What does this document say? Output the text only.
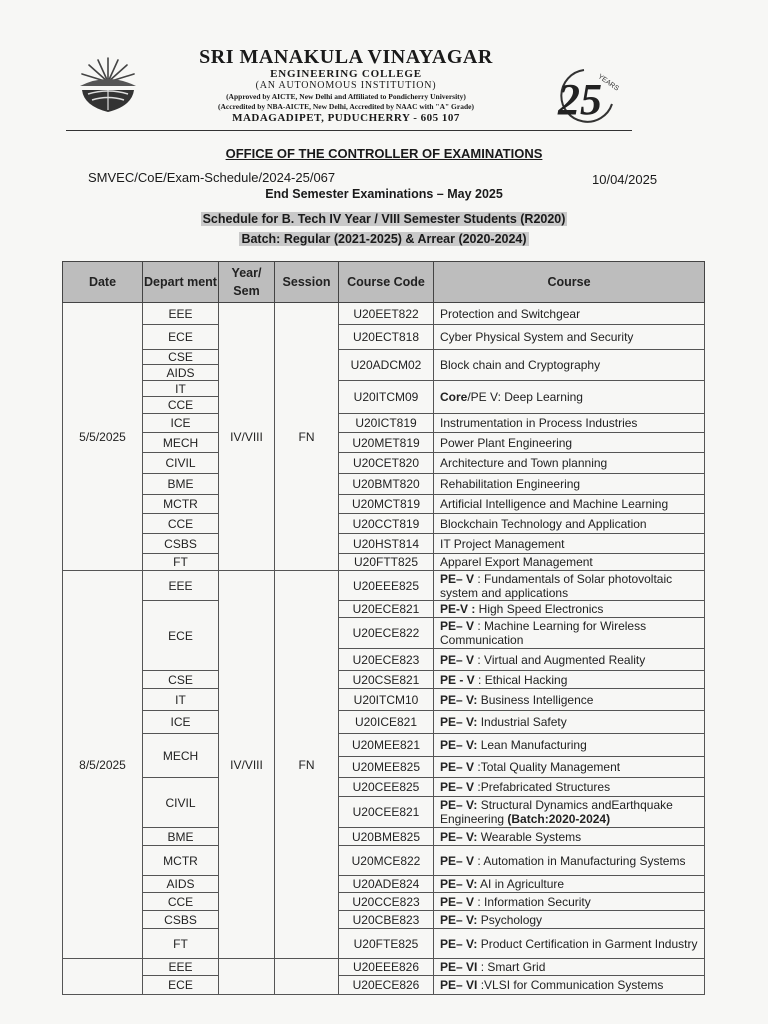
SRI MANAKULA VINAYAGAR
ENGINEERING COLLEGE
(AN AUTONOMOUS INSTITUTION)
(Approved by AICTE, New Delhi and Affiliated to Pondicherry University)
(Accredited by NBA-AICTE, New Delhi, Accredited by NAAC with "A" Grade)
MADAGADIPET, PUDUCHERRY - 605 107	25
YEARS
OFFICE OF THE CONTROLLER OF EXAMINATIONS
SMVEC/CoE/Exam-Schedule/2024-25/067	10/04/2025
End Semester Examinations – May 2025
Schedule for B. Tech IV Year / VIII Semester Students (R2020)
Batch: Regular (2021-2025) & Arrear (2020-2024)
Date	Depart ment	Year/ Sem	Session	Course Code	Course
5/5/2025	EEE	IV/VIII	FN	U20EET822	Protection and Switchgear
	ECE			U20ECT818	Cyber Physical System and Security
	CSE			U20ADCM02	Block chain and Cryptography
	AIDS				
	IT			U20ITCM09	Core/PE V: Deep Learning
	CCE				
	ICE			U20ICT819	Instrumentation in Process Industries
	MECH			U20MET819	Power Plant Engineering
	CIVIL			U20CET820	Architecture and Town planning
	BME			U20BMT820	Rehabilitation Engineering
	MCTR			U20MCT819	Artificial Intelligence and Machine Learning
	CCE			U20CCT819	Blockchain Technology and Application
	CSBS			U20HST814	IT Project Management
	FT			U20FTT825	Apparel Export Management
8/5/2025	EEE	IV/VIII	FN	U20EEE825	PE– V : Fundamentals of Solar photovoltaic system and applications
	ECE			U20ECE821	PE-V : High Speed Electronics
				U20ECE822	PE– V : Machine Learning for Wireless Communication
				U20ECE823	PE– V : Virtual and Augmented Reality
	CSE			U20CSE821	PE - V : Ethical Hacking
	IT			U20ITCM10	PE– V: Business Intelligence
	ICE			U20ICE821	PE– V: Industrial Safety
	MECH			U20MEE821	PE– V: Lean Manufacturing
				U20MEE825	PE– V :Total Quality Management
	CIVIL			U20CEE825	PE– V :Prefabricated Structures
				U20CEE821	PE– V: Structural Dynamics andEarthquake Engineering (Batch:2020-2024)
	BME			U20BME825	PE– V: Wearable Systems
	MCTR			U20MCE822	PE– V : Automation in Manufacturing Systems
	AIDS			U20ADE824	PE– V: AI in Agriculture
	CCE			U20CCE823	PE– V : Information Security
	CSBS			U20CBE823	PE– V: Psychology
	FT			U20FTE825	PE– V: Product Certification in Garment Industry
	EEE			U20EEE826	PE– VI : Smart Grid
	ECE			U20ECE826	PE– VI :VLSI for Communication Systems
